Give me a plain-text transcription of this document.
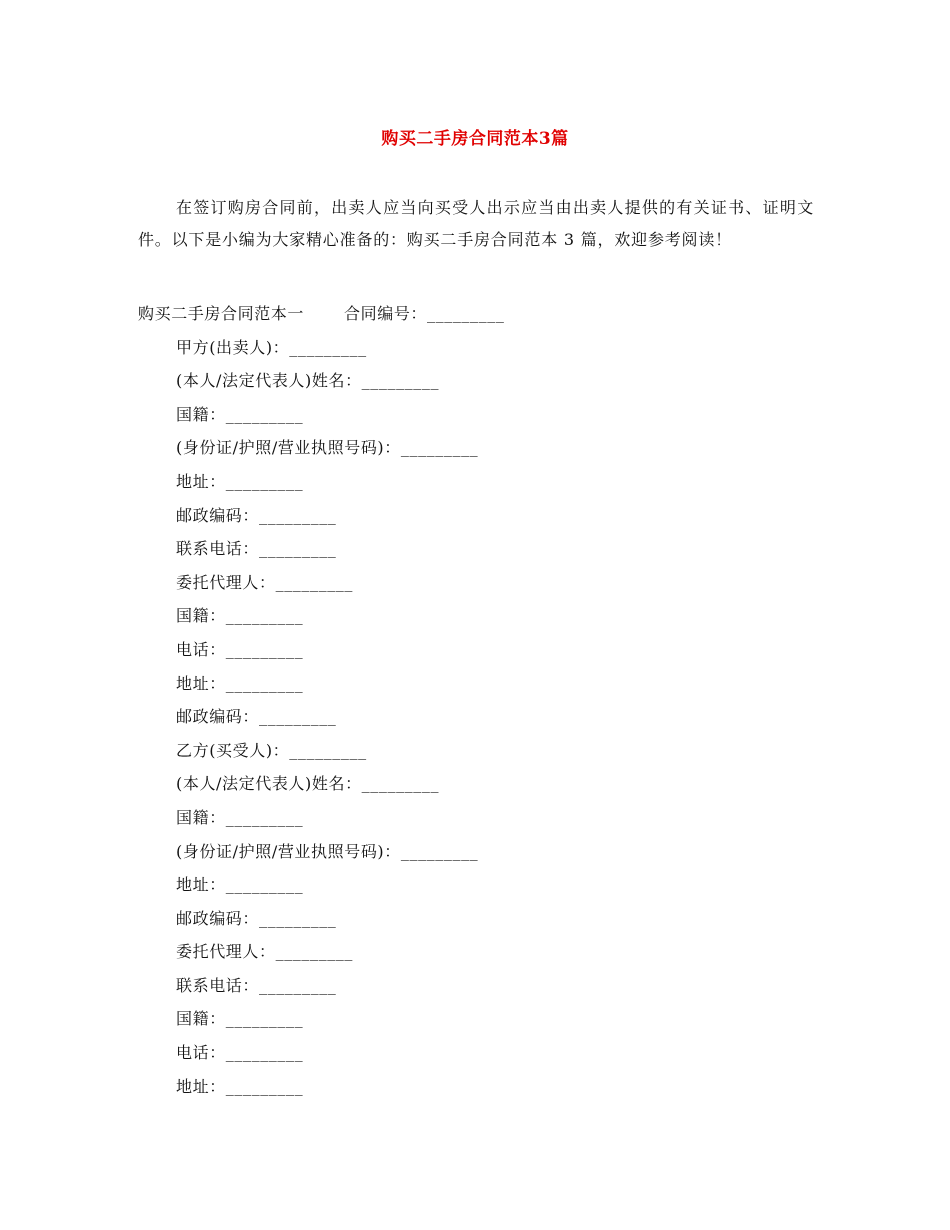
购买二手房合同范本3篇

在签订购房合同前，出卖人应当向买受人出示应当由出卖人提供的有关证书、证明文件。以下是小编为大家精心准备的：购买二手房合同范本 3 篇，欢迎参考阅读！

购买二手房合同范本一	合同编号：_________
甲方(出卖人)：_________
(本人/法定代表人)姓名：_________
国籍：_________
(身份证/护照/营业执照号码)：_________
地址：_________
邮政编码：_________
联系电话：_________
委托代理人：_________
国籍：_________
电话：_________
地址：_________
邮政编码：_________
乙方(买受人)：_________
(本人/法定代表人)姓名：_________
国籍：_________
(身份证/护照/营业执照号码)：_________
地址：_________
邮政编码：_________
委托代理人：_________
联系电话：_________
国籍：_________
电话：_________
地址：_________
